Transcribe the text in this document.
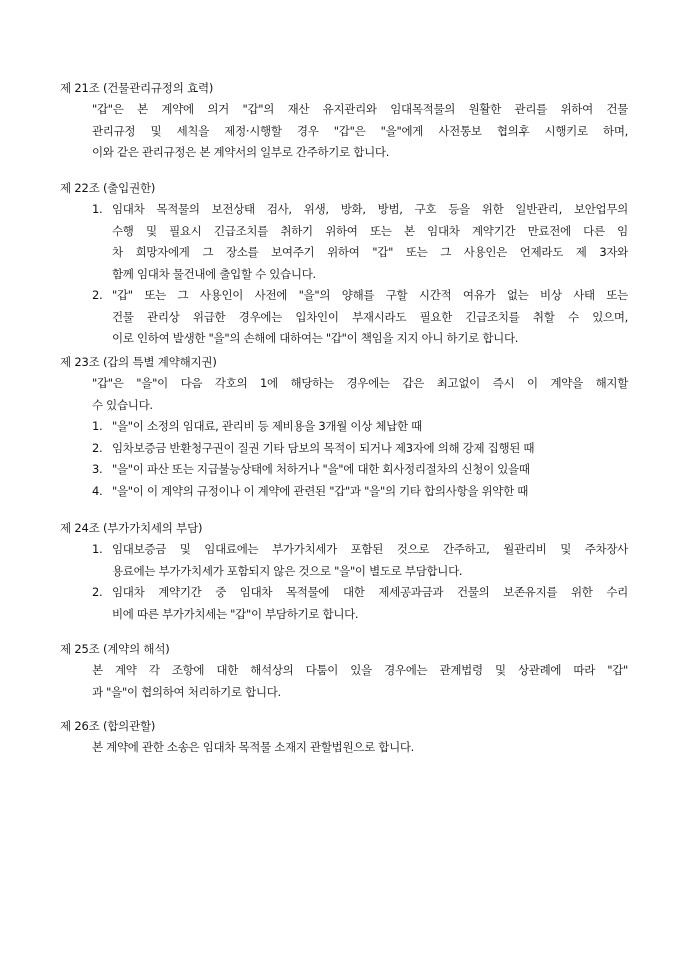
제 21조 (건물관리규정의 효력)
"갑"은 본 계약에 의거 "갑"의 재산 유지관리와 임대목적물의 원활한 관리를 위하여 건물
관리규정 및 세칙을 제정·시행할 경우 "갑"은 "을"에게 사전통보 협의후 시행키로 하며,
이와 같은 관리규정은 본 계약서의 일부로 간주하기로 합니다.
제 22조 (출입권한)
1. 임대차 목적물의 보전상태 검사, 위생, 방화, 방범, 구호 등을 위한 일반관리, 보안업무의
수행 및 필요시 긴급조치를 취하기 위하여 또는 본 임대차 계약기간 만료전에 다른 임
차 희망자에게 그 장소를 보여주기 위하여 "갑" 또는 그 사용인은 언제라도 제 3자와
함께 임대차 물건내에 출입할 수 있습니다.
2. "갑" 또는 그 사용인이 사전에 "을"의 양해를 구할 시간적 여유가 없는 비상 사태 또는
건물 관리상 위급한 경우에는 입차인이 부재시라도 필요한 긴급조치를 취할 수 있으며,
이로 인하여 발생한 "을"의 손해에 대하여는 "갑"이 책임을 지지 아니 하기로 합니다.
제 23조 (갑의 특별 계약해지권)
"갑"은 "을"이 다음 각호의 1에 해당하는 경우에는 갑은 최고없이 즉시 이 계약을 해지할
수 있습니다.
1. "을"이 소정의 임대료, 관리비 등 제비용을 3개월 이상 체납한 때
2. 임차보증금 반환청구권이 질권 기타 담보의 목적이 되거나 제3자에 의해 강제 집행된 때
3. "을"이 파산 또는 지급불능상태에 처하거나 "을"에 대한 회사정리절차의 신청이 있을때
4. "을"이 이 계약의 규정이나 이 계약에 관련된 "갑"과 "을"의 기타 합의사항을 위약한 때
제 24조 (부가가치세의 부담)
1. 임대보증금 및 임대료에는 부가가치세가 포함된 것으로 간주하고, 월관리비 및 주차장사
용료에는 부가가치세가 포함되지 않은 것으로 "을"이 별도로 부담합니다.
2. 임대차 계약기간 중 임대차 목적물에 대한 제세공과금과 건물의 보존유지를 위한 수리
비에 따른 부가가치세는 "갑"이 부담하기로 합니다.
제 25조 (계약의 해석)
본 계약 각 조항에 대한 해석상의 다툼이 있을 경우에는 관계법령 및 상관례에 따라 "갑"
과 "을"이 협의하여 처리하기로 합니다.
제 26조 (합의관할)
본 계약에 관한 소송은 임대차 목적물 소재지 관할법원으로 합니다.
